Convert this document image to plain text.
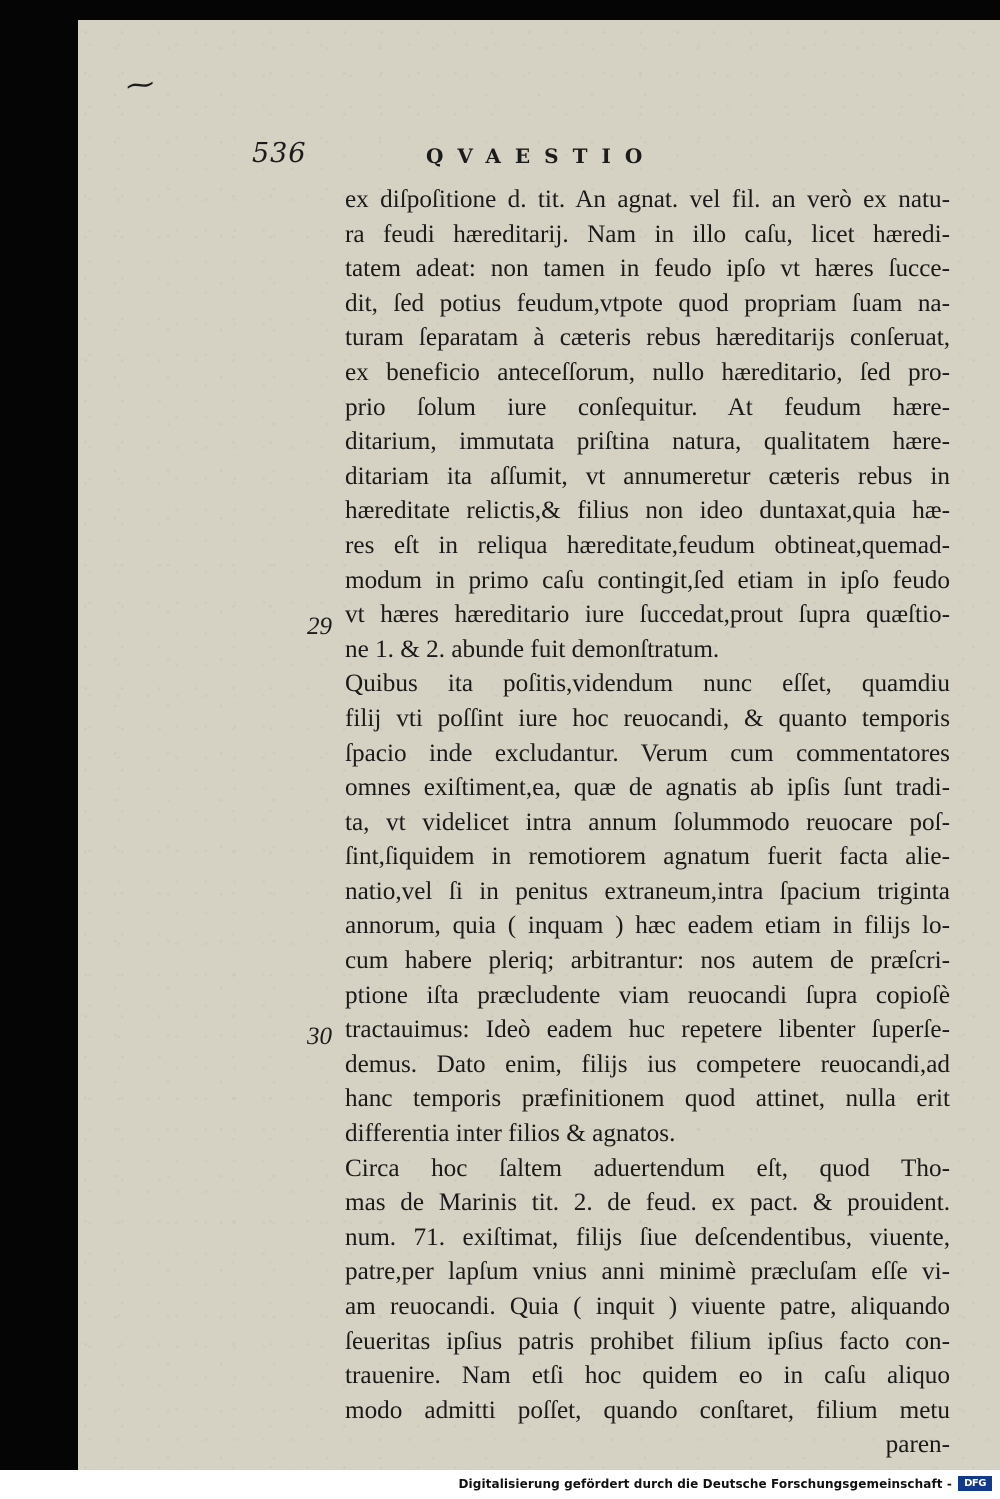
⁓
536	QVAESTIO
ex diſpoſitione d. tit. An agnat. vel fil. an verò ex natu-
ra feudi hæreditarij. Nam in illo caſu, licet hæredi-
tatem adeat: non tamen in feudo ipſo vt hæres ſucce-
dit, ſed potius feudum,vtpote quod propriam ſuam na-
turam ſeparatam à cæteris rebus hæreditarijs conſeruat,
ex beneficio anteceſſorum, nullo hæreditario, ſed pro-
prio ſolum iure conſequitur. At feudum hære-
ditarium, immutata priſtina natura, qualitatem hære-
ditariam ita aſſumit, vt annumeretur cæteris rebus in
hæreditate relictis,& filius non ideo duntaxat,quia hæ-
res eſt in reliqua hæreditate,feudum obtineat,quemad-
modum in primo caſu contingit,ſed etiam in ipſo feudo
vt hæres hæreditario iure ſuccedat,prout ſupra quæſtio-
ne 1. & 2. abunde fuit demonſtratum.
Quibus ita poſitis,videndum nunc eſſet, quamdiu
filij vti poſſint iure hoc reuocandi, & quanto temporis
ſpacio inde excludantur. Verum cum commentatores
omnes exiſtiment,ea, quæ de agnatis ab ipſis ſunt tradi-
ta, vt videlicet intra annum ſolummodo reuocare poſ-
ſint,ſiquidem in remotiorem agnatum fuerit facta alie-
natio,vel ſi in penitus extraneum,intra ſpacium triginta
annorum, quia ( inquam ) hæc eadem etiam in filijs lo-
cum habere pleriq; arbitrantur: nos autem de præſcri-
ptione iſta præcludente viam reuocandi ſupra copioſè
tractauimus: Ideò eadem huc repetere libenter ſuperſe-
demus. Dato enim, filijs ius competere reuocandi,ad
hanc temporis præfinitionem quod attinet, nulla erit
differentia inter filios & agnatos.
Circa hoc ſaltem aduertendum eſt, quod Tho-
mas de Marinis tit. 2. de feud. ex pact. & prouident.
num. 71. exiſtimat, filijs ſiue deſcendentibus, viuente,
patre,per lapſum vnius anni minimè præcluſam eſſe vi-
am reuocandi. Quia ( inquit ) viuente patre, aliquando
ſeueritas ipſius patris prohibet filium ipſius facto con-
trauenire. Nam etſi hoc quidem eo in caſu aliquo
modo admitti poſſet, quando conſtaret, filium metu
paren-
29
30
Digitalisierung gefördert durch die Deutsche Forschungsgemeinschaft -	DFG
